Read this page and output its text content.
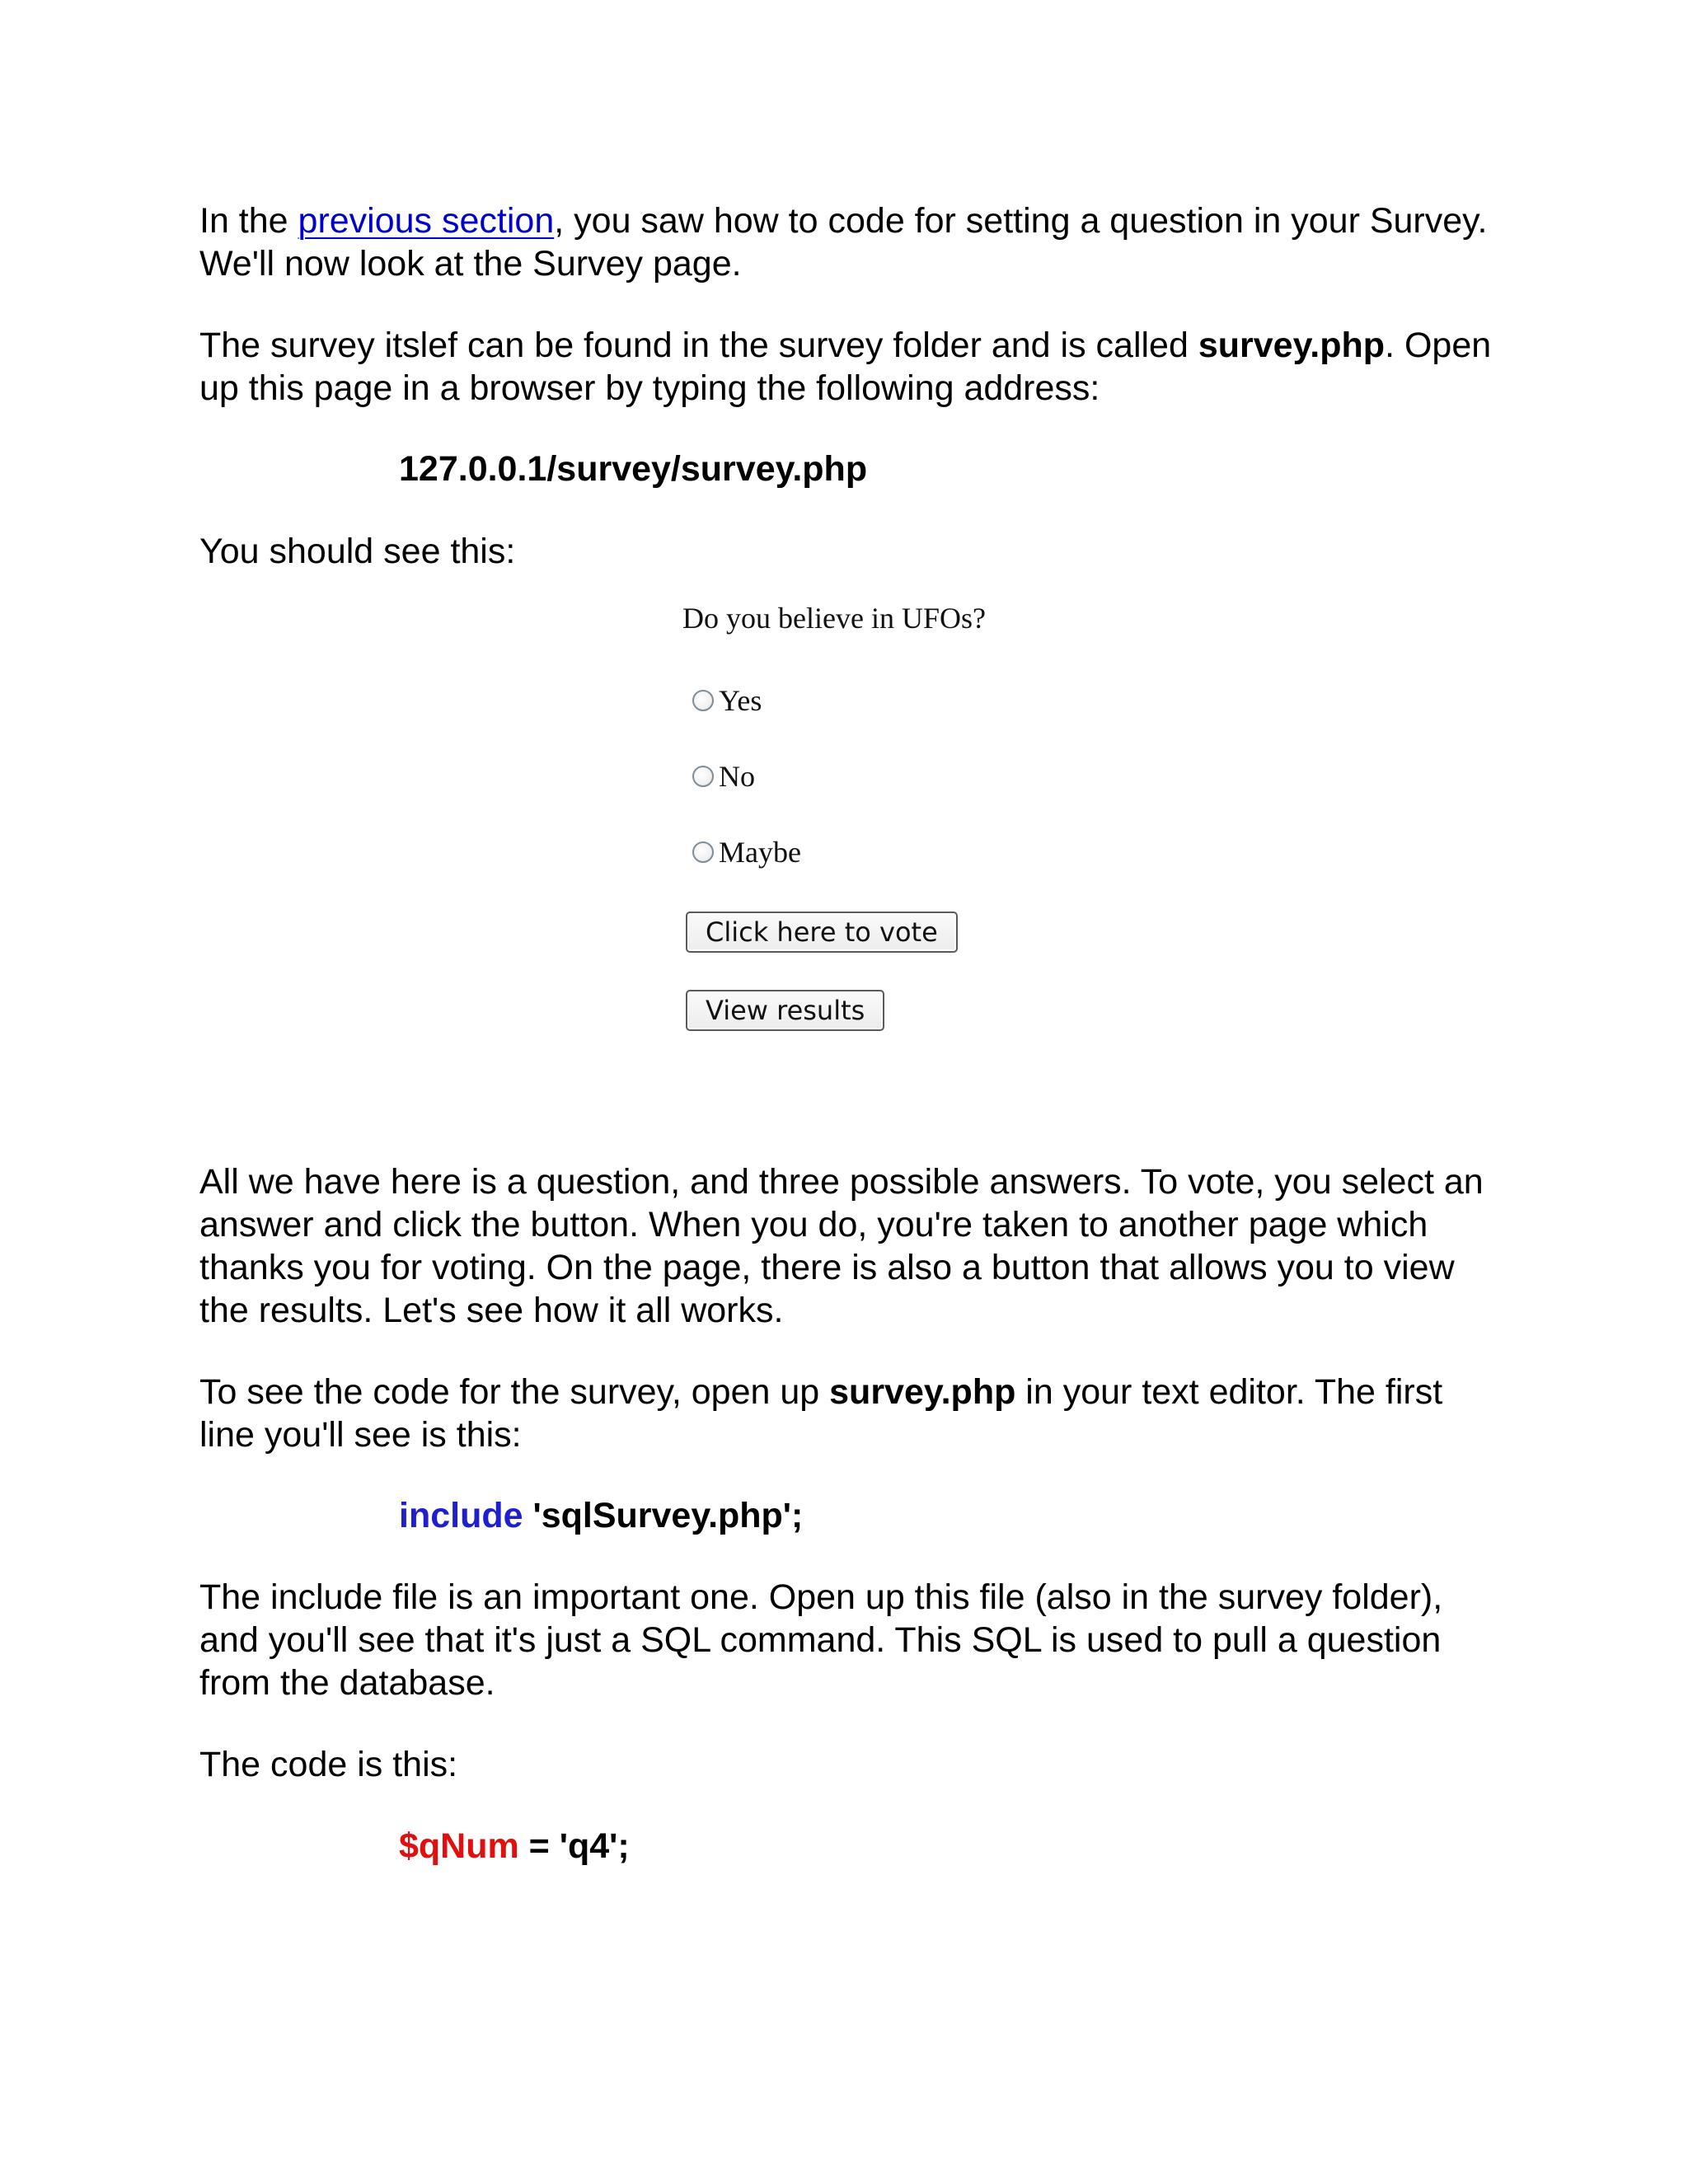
In the previous section, you saw how to code for setting a question in your Survey. We'll now look at the Survey page.

The survey itslef can be found in the survey folder and is called survey.php. Open up this page in a browser by typing the following address:

127.0.0.1/survey/survey.php

You should see this:

All we have here is a question, and three possible answers. To vote, you select an answer and click the button. When you do, you're taken to another page which thanks you for voting. On the page, there is also a button that allows you to view the results. Let's see how it all works.

To see the code for the survey, open up survey.php in your text editor. The first line you'll see is this:

include 'sqlSurvey.php';

The include file is an important one. Open up this file (also in the survey folder), and you'll see that it's just a SQL command. This SQL is used to pull a question from the database.

The code is this:

$qNum = 'q4';
Do you believe in UFOs?
Yes
No
Maybe
Click here to vote
View results
